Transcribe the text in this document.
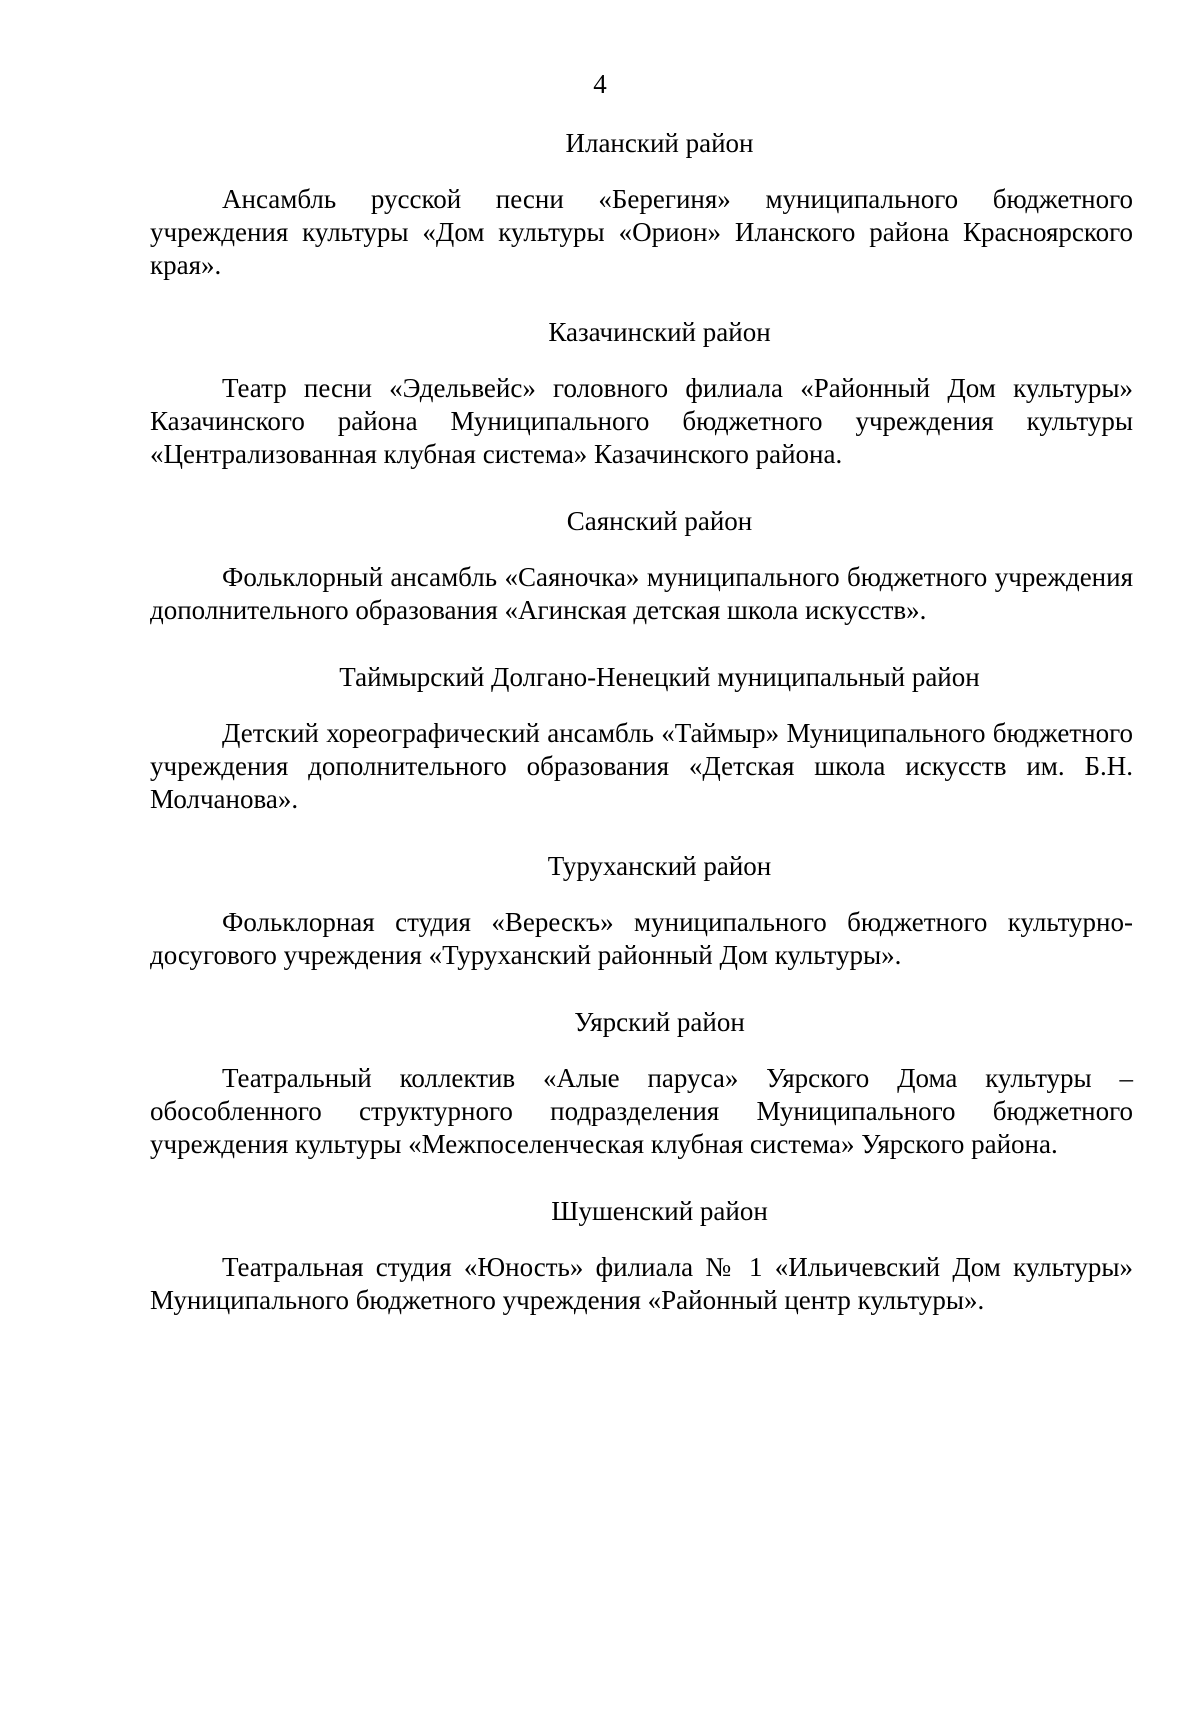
4
Иланский район

Ансамбль русской песни «Берегиня» муниципального бюджетного учреждения культуры «Дом культуры «Орион» Иланского района Красноярского края».

Казачинский район

Театр песни «Эдельвейс» головного филиала «Районный Дом культуры» Казачинского района Муниципального бюджетного учреждения культуры «Централизованная клубная система» Казачинского района.

Саянский район

Фольклорный ансамбль «Саяночка» муниципального бюджетного учреждения дополнительного образования «Агинская детская школа искусств».

Таймырский Долгано-Ненецкий муниципальный район

Детский хореографический ансамбль «Таймыр» Муниципального бюджетного учреждения дополнительного образования «Детская школа искусств им. Б.Н. Молчанова».

Туруханский район

Фольклорная студия «Верескъ» муниципального бюджетного культурно-досугового учреждения «Туруханский районный Дом культуры».

Уярский район

Театральный коллектив «Алые паруса» Уярского Дома культуры – обособленного структурного подразделения Муниципального бюджетного учреждения культуры «Межпоселенческая клубная система» Уярского района.

Шушенский район

Театральная студия «Юность» филиала № 1 «Ильичевский Дом культуры» Муниципального бюджетного учреждения «Районный центр культуры».
